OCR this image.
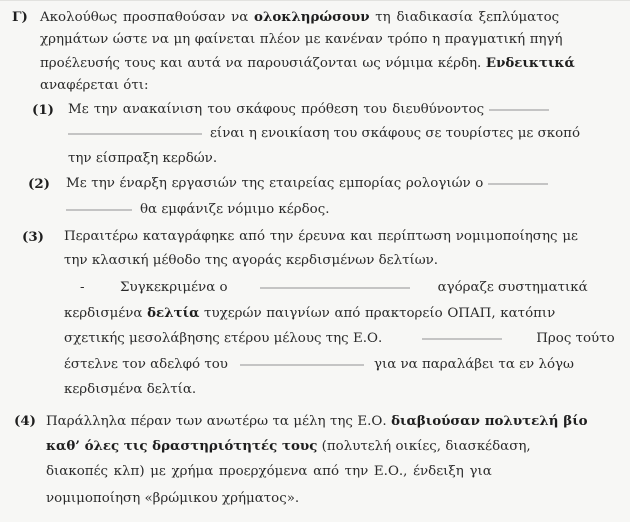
Γ) Ακολούθως προσπαθούσαν να ολοκληρώσουν τη διαδικασία ξεπλύματος
χρημάτων ώστε να μη φαίνεται πλέον με κανέναν τρόπο η πραγματική πηγή
προέλευσής τους και αυτά να παρουσιάζονται ως νόμιμα κέρδη. Ενδεικτικά
αναφέρεται ότι:
(1) Με την ανακαίνιση του σκάφους πρόθεση του διευθύνοντος
είναι η ενοικίαση του σκάφους σε τουρίστες με σκοπό
την είσπραξη κερδών.
(2) Με την έναρξη εργασιών της εταιρείας εμπορίας ρολογιών ο
θα εμφάνιζε νόμιμο κέρδος.
(3) Περαιτέρω καταγράφηκε από την έρευνα και περίπτωση νομιμοποίησης με
την κλασική μέθοδο της αγοράς κερδισμένων δελτίων.
-	Συγκεκριμένα ο	αγόραζε συστηματικά
κερδισμένα δελτία τυχερών παιγνίων από πρακτορείο ΟΠΑΠ, κατόπιν
σχετικής μεσολάβησης ετέρου μέλους της Ε.Ο.	Προς τούτο
έστελνε τον αδελφό του	για να παραλάβει τα εν λόγω
κερδισμένα δελτία.
(4) Παράλληλα πέραν των ανωτέρω τα μέλη της Ε.Ο. διαβιούσαν πολυτελή βίο
καθ’ όλες τις δραστηριότητές τους (πολυτελή οικίες, διασκέδαση,
διακοπές κλπ) με χρήμα προερχόμενα από την Ε.Ο., ένδειξη για
νομιμοποίηση «βρώμικου χρήματος».
